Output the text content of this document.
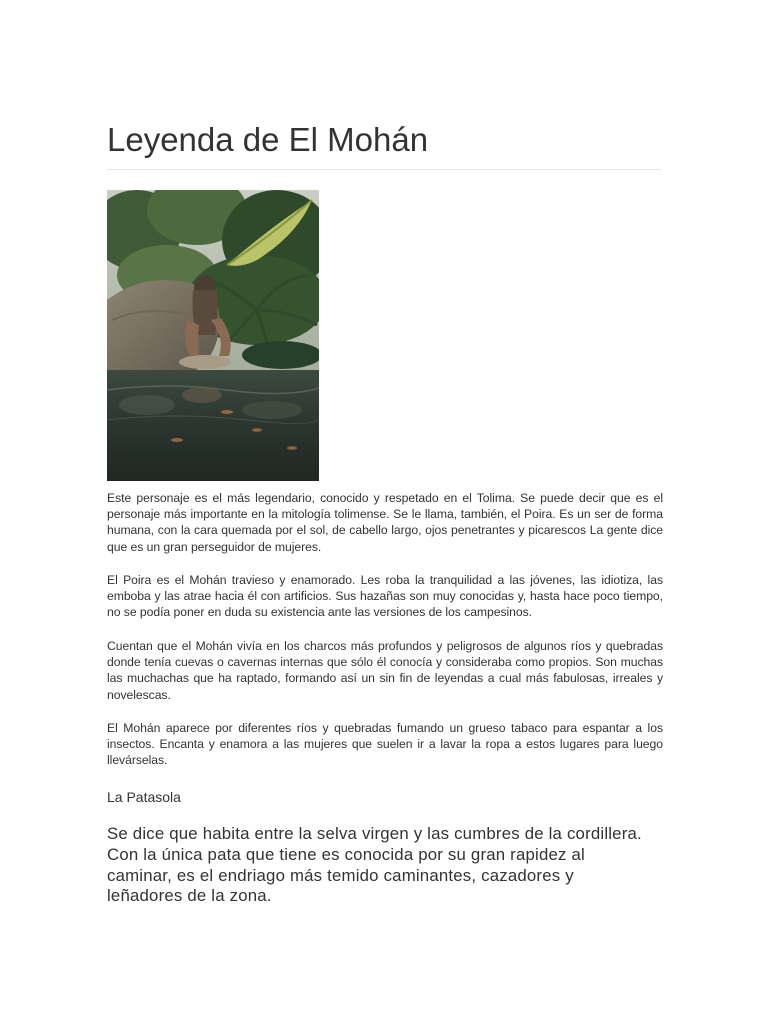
Leyenda de El Mohán

Este personaje es el más legendario, conocido y respetado en el Tolima. Se puede decir que es el personaje más importante en la mitología tolimense. Se le llama, también, el Poira. Es un ser de forma humana, con la cara quemada por el sol, de cabello largo, ojos penetrantes y picarescos La gente dice que es un gran perseguidor de mujeres.

El Poira es el Mohán travieso y enamorado. Les roba la tranquilidad a las jóvenes, las idiotiza, las emboba y las atrae hacia él con artificios. Sus hazañas son muy conocidas y, hasta hace poco tiempo, no se podía poner en duda su existencia ante las versiones de los campesinos.

Cuentan que el Mohán vivía en los charcos más profundos y peligrosos de algunos ríos y quebradas donde tenía cuevas o cavernas internas que sólo él conocía y consideraba como propios. Son muchas las muchachas que ha raptado, formando así un sin fin de leyendas a cual más fabulosas, irreales y novelescas.

El Mohán aparece por diferentes ríos y quebradas fumando un grueso tabaco para espantar a los insectos. Encanta y enamora a las mujeres que suelen ir a lavar la ropa a estos lugares para luego llevárselas.

La Patasola

Se dice que habita entre la selva virgen y las cumbres de la cordillera. Con la única pata que tiene es conocida por su gran rapidez al caminar, es el endriago más temido caminantes, cazadores y leñadores de la zona.
